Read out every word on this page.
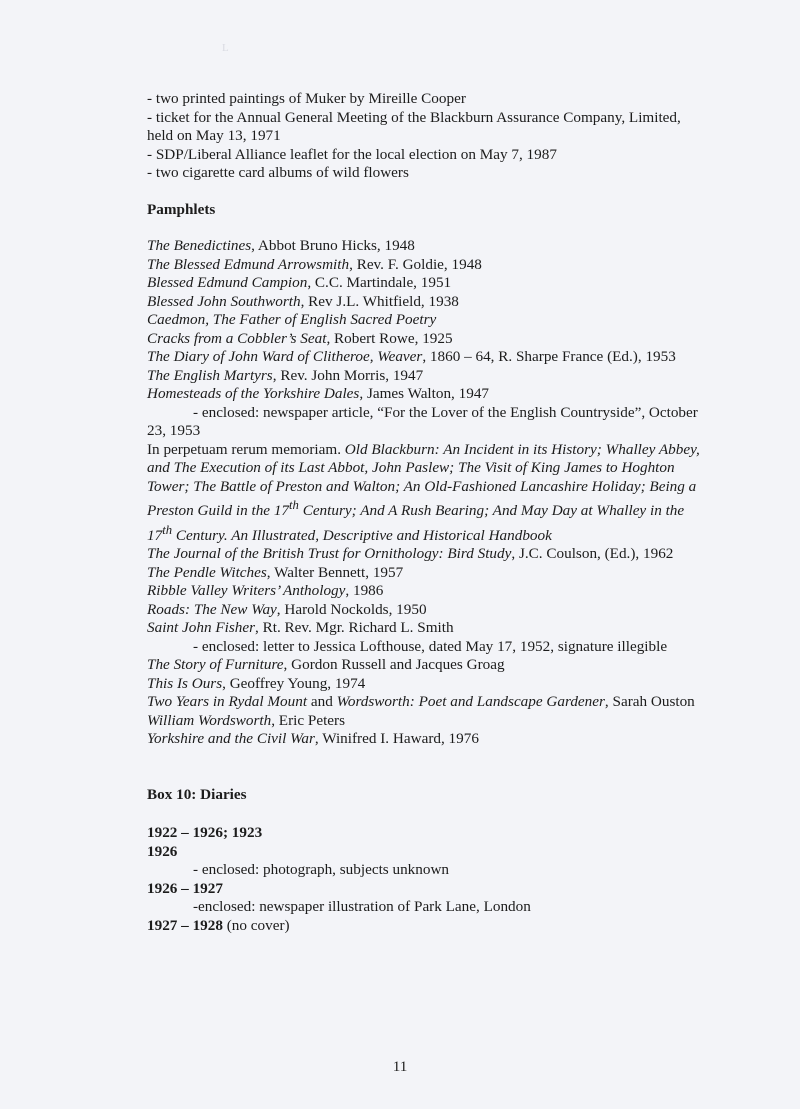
L

- two printed paintings of Muker by Mireille Cooper

- ticket for the Annual General Meeting of the Blackburn Assurance Company, Limited, held on May 13, 1971

- SDP/Liberal Alliance leaflet for the local election on May 7, 1987

- two cigarette card albums of wild flowers

Pamphlets

The Benedictines, Abbot Bruno Hicks, 1948

The Blessed Edmund Arrowsmith, Rev. F. Goldie, 1948

Blessed Edmund Campion, C.C. Martindale, 1951

Blessed John Southworth, Rev J.L. Whitfield, 1938

Caedmon, The Father of English Sacred Poetry

Cracks from a Cobbler’s Seat, Robert Rowe, 1925

The Diary of John Ward of Clitheroe, Weaver, 1860 – 64, R. Sharpe France (Ed.), 1953

The English Martyrs, Rev. John Morris, 1947

Homesteads of the Yorkshire Dales, James Walton, 1947

- enclosed: newspaper article, “For the Lover of the English Countryside”, October 23, 1953

In perpetuam rerum memoriam. Old Blackburn: An Incident in its History; Whalley Abbey, and The Execution of its Last Abbot, John Paslew; The Visit of King James to Hoghton Tower; The Battle of Preston and Walton; An Old-Fashioned Lancashire Holiday; Being a Preston Guild in the 17th Century; And A Rush Bearing; And May Day at Whalley in the 17th Century. An Illustrated, Descriptive and Historical Handbook

The Journal of the British Trust for Ornithology: Bird Study, J.C. Coulson, (Ed.), 1962

The Pendle Witches, Walter Bennett, 1957

Ribble Valley Writers’ Anthology, 1986

Roads: The New Way, Harold Nockolds, 1950

Saint John Fisher, Rt. Rev. Mgr. Richard L. Smith

- enclosed: letter to Jessica Lofthouse, dated May 17, 1952, signature illegible

The Story of Furniture, Gordon Russell and Jacques Groag

This Is Ours, Geoffrey Young, 1974

Two Years in Rydal Mount and Wordsworth: Poet and Landscape Gardener, Sarah Ouston

William Wordsworth, Eric Peters

Yorkshire and the Civil War, Winifred I. Haward, 1976

Box 10: Diaries

1922 – 1926; 1923

1926

- enclosed: photograph, subjects unknown

1926 – 1927

-enclosed: newspaper illustration of Park Lane, London

1927 – 1928 (no cover)

11
